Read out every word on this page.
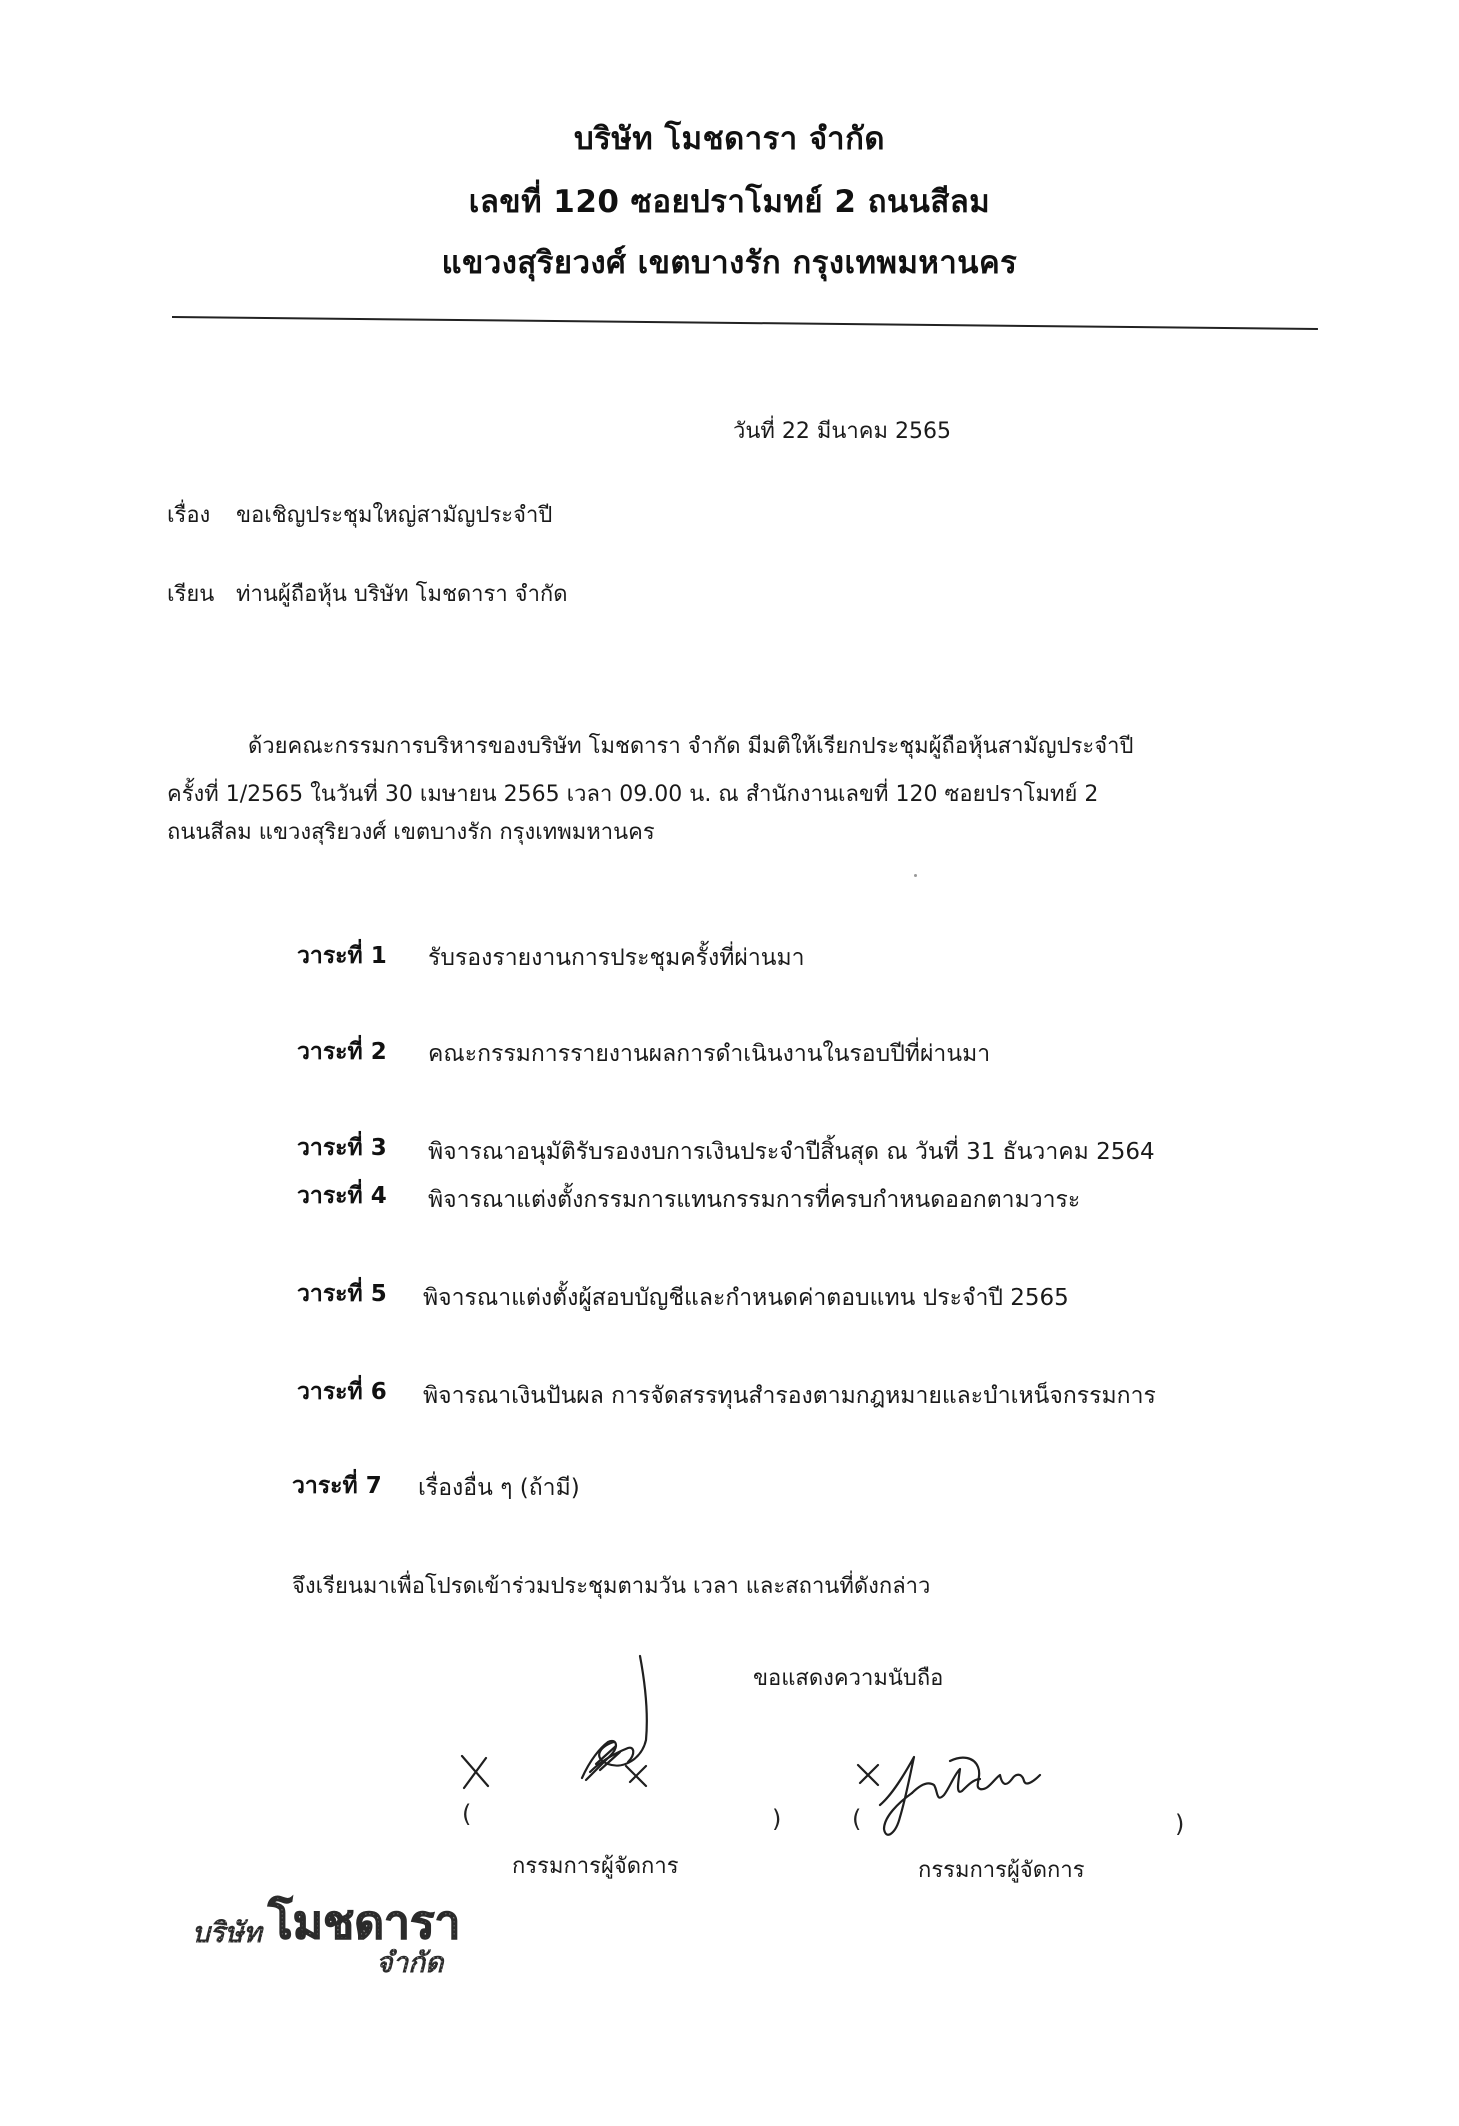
บริษัท โมชดารา จำกัด
เลขที่ 120 ซอยปราโมทย์ 2 ถนนสีลม
แขวงสุริยวงศ์ เขตบางรัก กรุงเทพมหานคร
วันที่ 22 มีนาคม 2565
เรื่อง ขอเชิญประชุมใหญ่สามัญประจำปี
เรียน ท่านผู้ถือหุ้น บริษัท โมชดารา จำกัด
ด้วยคณะกรรมการบริหารของบริษัท โมชดารา จำกัด มีมติให้เรียกประชุมผู้ถือหุ้นสามัญประจำปี
ครั้งที่ 1/2565 ในวันที่ 30 เมษายน 2565 เวลา 09.00 น. ณ สำนักงานเลขที่ 120 ซอยปราโมทย์ 2
ถนนสีลม แขวงสุริยวงศ์ เขตบางรัก กรุงเทพมหานคร
วาระที่ 1 รับรองรายงานการประชุมครั้งที่ผ่านมา
วาระที่ 2 คณะกรรมการรายงานผลการดำเนินงานในรอบปีที่ผ่านมา
วาระที่ 3 พิจารณาอนุมัติรับรองงบการเงินประจำปีสิ้นสุด ณ วันที่ 31 ธันวาคม 2564
วาระที่ 4 พิจารณาแต่งตั้งกรรมการแทนกรรมการที่ครบกำหนดออกตามวาระ
วาระที่ 5 พิจารณาแต่งตั้งผู้สอบบัญชีและกำหนดค่าตอบแทน ประจำปี 2565
วาระที่ 6 พิจารณาเงินปันผล การจัดสรรทุนสำรองตามกฎหมายและบำเหน็จกรรมการ
วาระที่ 7 เรื่องอื่น ๆ (ถ้ามี)
จึงเรียนมาเพื่อโปรดเข้าร่วมประชุมตามวัน เวลา และสถานที่ดังกล่าว
ขอแสดงความนับถือ
(	)
กรรมการผู้จัดการ
(	)
กรรมการผู้จัดการ
บริษัท โมชดารา
จำกัด
